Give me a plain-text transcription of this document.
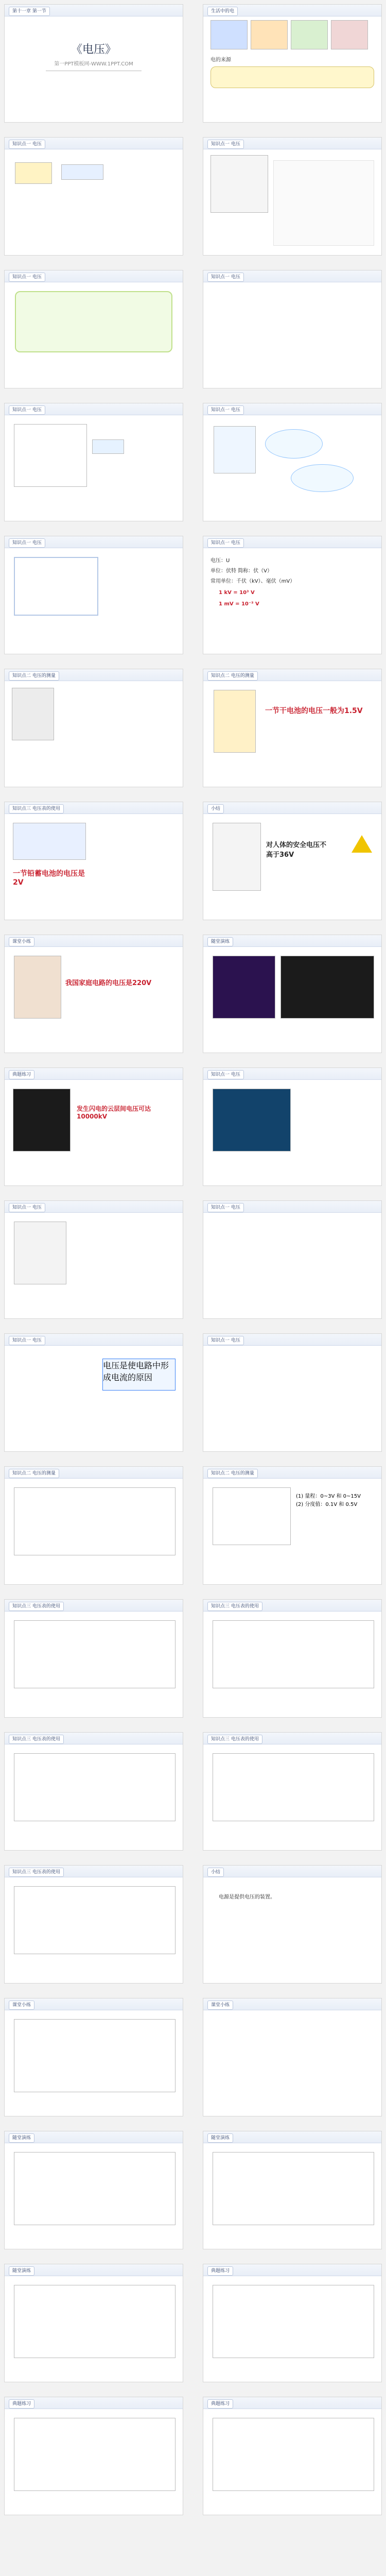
第十一章 第一节
《电压》
第一PPT模板网-WWW.1PPT.COM
生活中的电
电的来源
知识点一 电压	知识点一 电压
知识点一 电压	知识点一 电压
知识点一 电压	知识点一 电压
知识点一 电压	知识点一 电压
电压：U
单位：伏特 简称：伏（V）
常用单位：千伏（kV）、毫伏（mV）
1 kV = 10³ V
1 mV = 10⁻³ V
知识点二 电压的测量	知识点二 电压的测量
一节干电池的电压一般为1.5V
知识点三 电压表的使用
一节铅蓄电池的电压是2V
小结
对人体的安全电压不高于36V
课堂小练
我国家庭电路的电压是220V
随堂演练
典题练习
发生闪电的云层间电压可达10000kV
知识点一 电压
知识点一 电压	知识点一 电压
知识点一 电压
电压是使电路中形成电流的原因
知识点一 电压
知识点二 电压的测量	知识点二 电压的测量
(1) 量程：0~3V 和 0~15V
(2) 分度值：0.1V 和 0.5V
知识点三 电压表的使用	知识点三 电压表的使用
知识点三 电压表的使用	知识点三 电压表的使用
知识点三 电压表的使用	小结
电源是提供电压的装置。
课堂小练	课堂小练
随堂演练	随堂演练
随堂演练	典题练习
典题练习	典题练习
